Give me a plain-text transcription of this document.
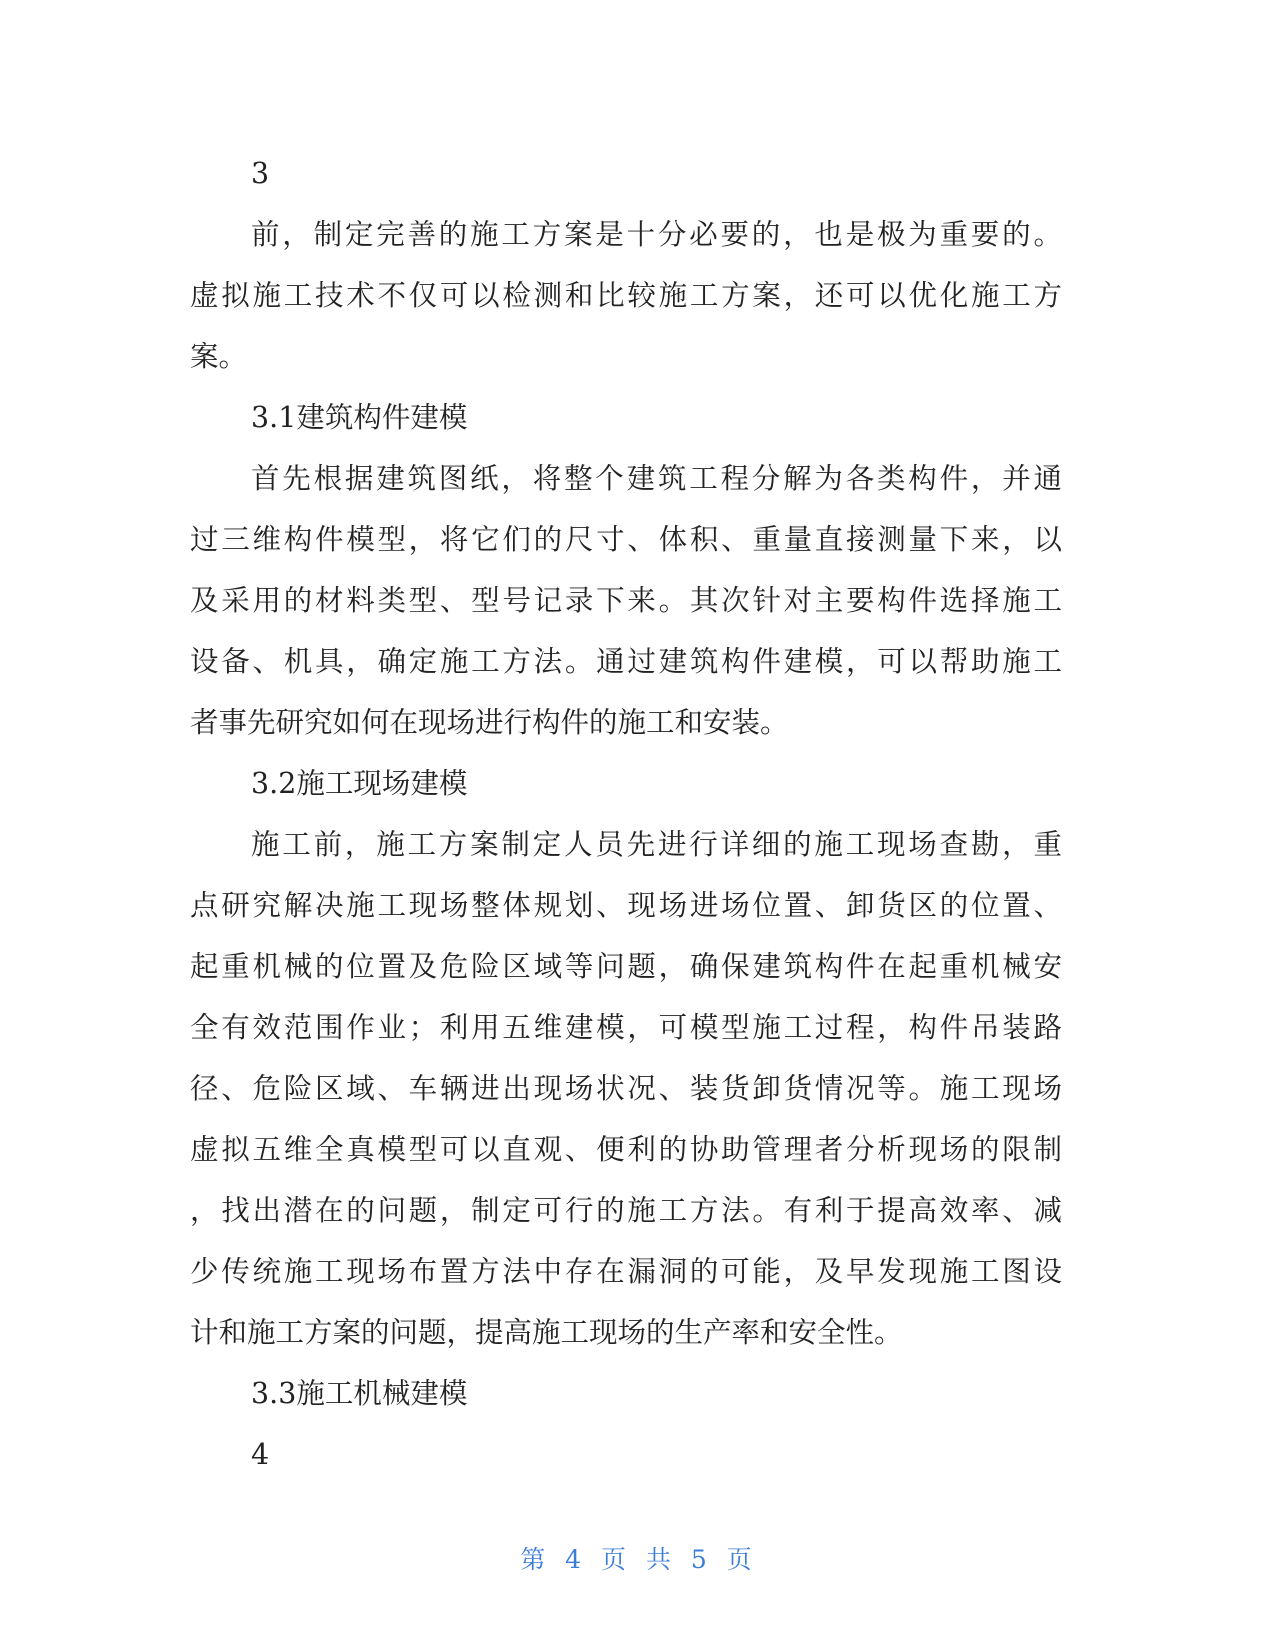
3
前，制定完善的施工方案是十分必要的，也是极为重要的。
虚拟施工技术不仅可以检测和比较施工方案，还可以优化施工方
案。
3.1建筑构件建模
首先根据建筑图纸，将整个建筑工程分解为各类构件，并通
过三维构件模型，将它们的尺寸、体积、重量直接测量下来，以
及采用的材料类型、型号记录下来。其次针对主要构件选择施工
设备、机具，确定施工方法。通过建筑构件建模，可以帮助施工
者事先研究如何在现场进行构件的施工和安装。
3.2施工现场建模
施工前，施工方案制定人员先进行详细的施工现场查勘，重
点研究解决施工现场整体规划、现场进场位置、卸货区的位置、
起重机械的位置及危险区域等问题，确保建筑构件在起重机械安
全有效范围作业；利用五维建模，可模型施工过程，构件吊装路
径、危险区域、车辆进出现场状况、装货卸货情况等。施工现场
虚拟五维全真模型可以直观、便利的协助管理者分析现场的限制
，找出潜在的问题，制定可行的施工方法。有利于提高效率、减
少传统施工现场布置方法中存在漏洞的可能，及早发现施工图设
计和施工方案的问题，提高施工现场的生产率和安全性。
3.3施工机械建模
4
第 4 页 共 5 页
